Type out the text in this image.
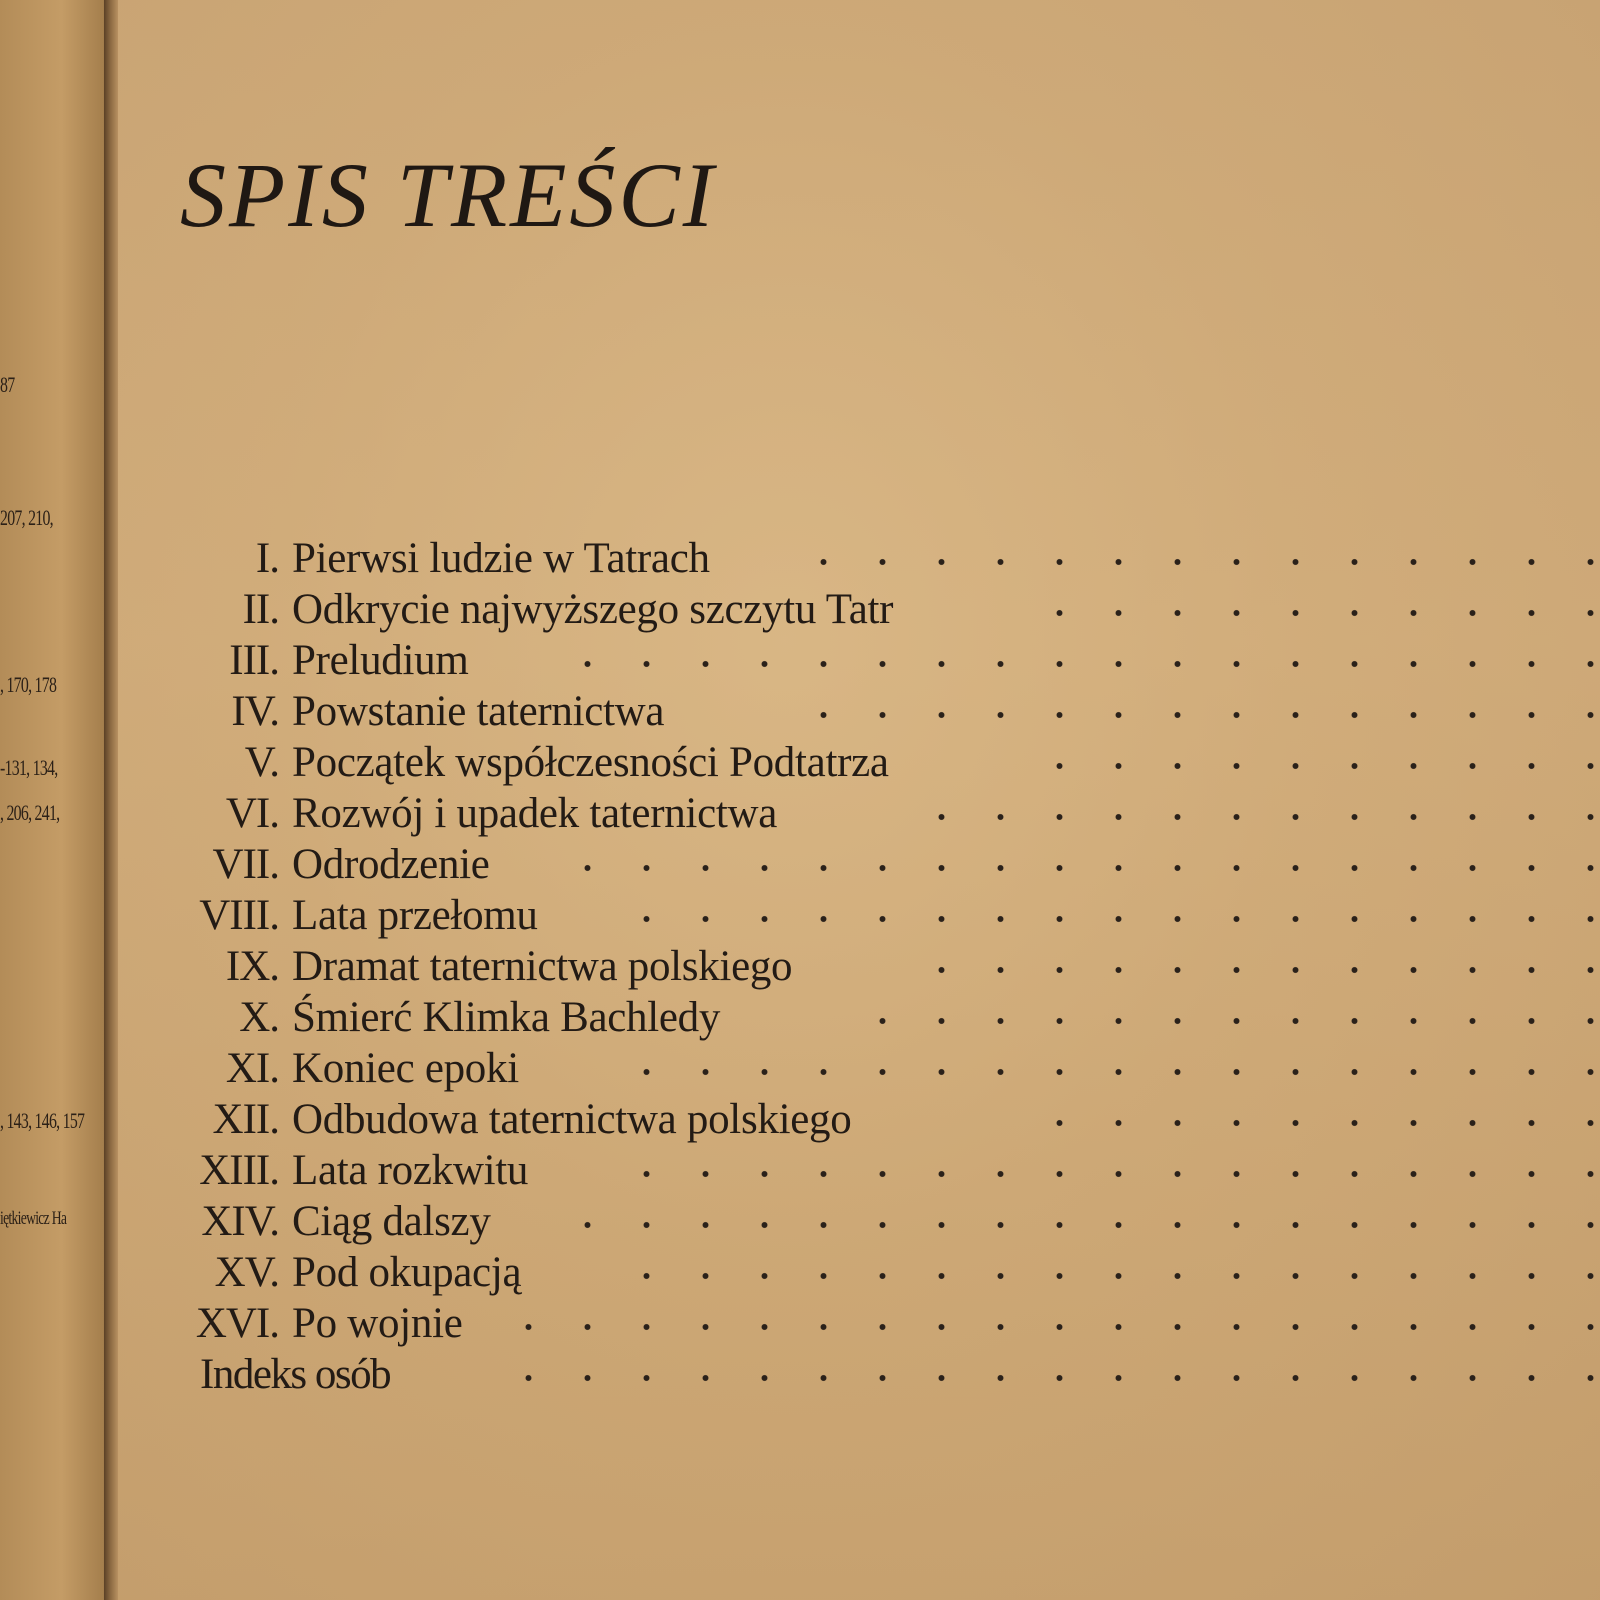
87
207, 210,
, 170, 178
-131, 134,
, 206, 241,
, 143, 146, 157
iętkiewicz Ha
SPIS TREŚCI
I. Pierwsi ludzie w Tatrach
II. Odkrycie najwyższego szczytu Tatr
III. Preludium
IV. Powstanie taternictwa
V. Początek współczesności Podtatrza
VI. Rozwój i upadek taternictwa
VII. Odrodzenie
VIII. Lata przełomu
IX. Dramat taternictwa polskiego
X. Śmierć Klimka Bachledy
XI. Koniec epoki
XII. Odbudowa taternictwa polskiego
XIII. Lata rozkwitu
XIV. Ciąg dalszy
XV. Pod okupacją
XVI. Po wojnie
Indeks osób
